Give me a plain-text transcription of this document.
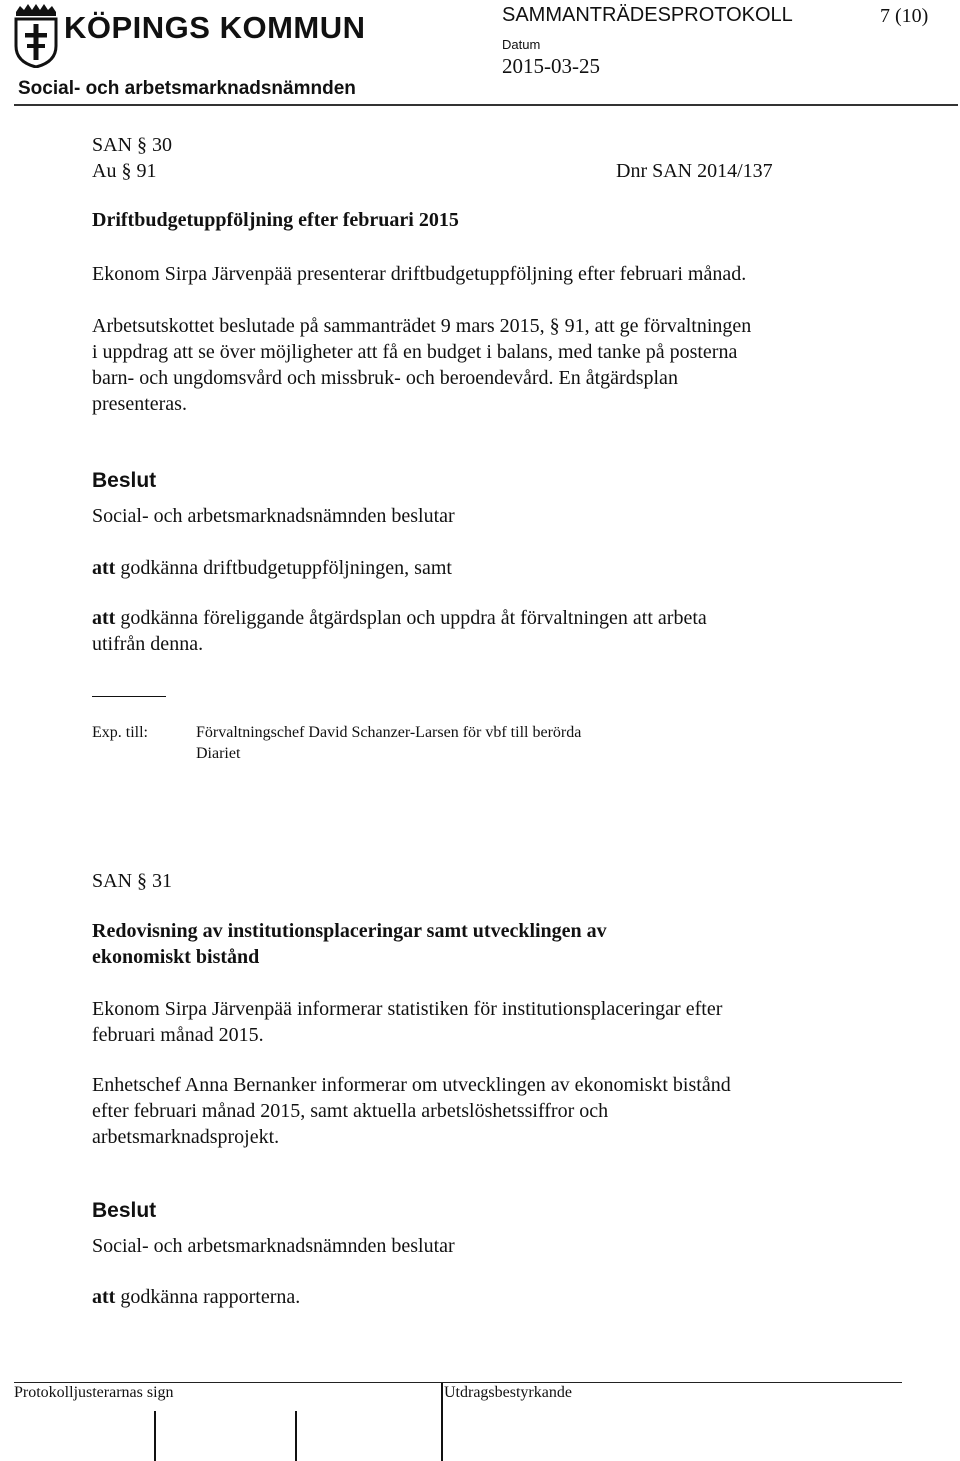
KÖPINGS KOMMUN
Social- och arbetsmarknadsnämnden
SAMMANTRÄDESPROTOKOLL	7 (10)
Datum
2015-03-25
SAN § 30
Au § 91	Dnr SAN 2014/137
Driftbudgetuppföljning efter februari 2015
Ekonom Sirpa Järvenpää presenterar driftbudgetuppföljning efter februari månad.
Arbetsutskottet beslutade på sammanträdet 9 mars 2015, § 91, att ge förvaltningen
i uppdrag att se över möjligheter att få en budget i balans, med tanke på posterna
barn- och ungdomsvård och missbruk- och beroendevård. En åtgärdsplan
presenteras.
Beslut
Social- och arbetsmarknadsnämnden beslutar
att godkänna driftbudgetuppföljningen, samt
att godkänna föreliggande åtgärdsplan och uppdra åt förvaltningen att arbeta
utifrån denna.
Exp. till:	Förvaltningschef David Schanzer-Larsen för vbf till berörda
Diariet
SAN § 31
Redovisning av institutionsplaceringar samt utvecklingen av
ekonomiskt bistånd
Ekonom Sirpa Järvenpää informerar statistiken för institutionsplaceringar efter
februari månad 2015.
Enhetschef Anna Bernanker informerar om utvecklingen av ekonomiskt bistånd
efter februari månad 2015, samt aktuella arbetslöshetssiffror och
arbetsmarknadsprojekt.
Beslut
Social- och arbetsmarknadsnämnden beslutar
att godkänna rapporterna.
Protokolljusterarnas sign	Utdragsbestyrkande
